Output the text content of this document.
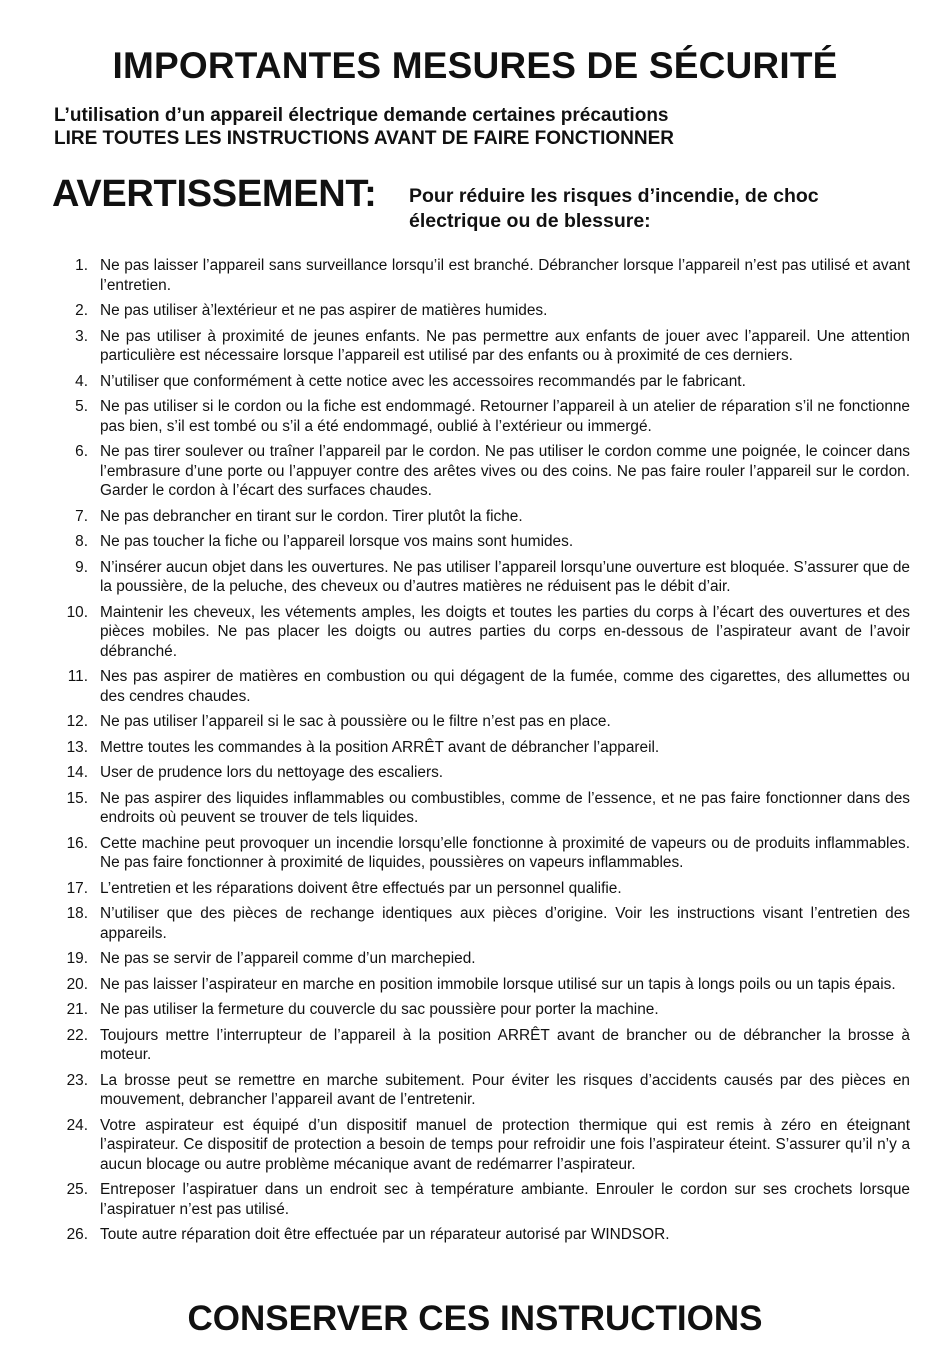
IMPORTANTES MESURES DE SÉCURITÉ

L’utilisation d’un appareil électrique demande certaines précautions

LIRE TOUTES LES INSTRUCTIONS AVANT DE FAIRE FONCTIONNER

AVERTISSEMENT: Pour réduire les risques d’incendie, de choc électrique ou de blessure:
1. Ne pas laisser l’appareil sans surveillance lorsqu’il est branché. Débrancher lorsque l’appareil n’est pas utilisé et avant l’entretien.
2. Ne pas utiliser à’lextérieur et ne pas aspirer de matières humides.
3. Ne pas utiliser à proximité de jeunes enfants. Ne pas permettre aux enfants de jouer avec l’appareil. Une attention particulière est nécessaire lorsque l’appareil est utilisé par des enfants ou à proximité de ces derniers.
4. N’utiliser que conformément à cette notice avec les accessoires recommandés par le fabricant.
5. Ne pas utiliser si le cordon ou la fiche est endommagé. Retourner l’appareil à un atelier de réparation s’il ne fonctionne pas bien, s’il est tombé ou s’il a été endommagé, oublié à l’extérieur ou immergé.
6. Ne pas tirer soulever ou traîner l’appareil par le cordon. Ne pas utiliser le cordon comme une poignée, le coincer dans l’embrasure d’une porte ou l’appuyer contre des arêtes vives ou des coins. Ne pas faire rouler l’appareil sur le cordon. Garder le cordon à l’écart des surfaces chaudes.
7. Ne pas debrancher en tirant sur le cordon. Tirer plutôt la fiche.
8. Ne pas toucher la fiche ou l’appareil lorsque vos mains sont humides.
9. N’insérer aucun objet dans les ouvertures. Ne pas utiliser l’appareil lorsqu’une ouverture est bloquée. S’assurer que de la poussière, de la peluche, des cheveux ou d’autres matières ne réduisent pas le débit d’air.
10. Maintenir les cheveux, les vétements amples, les doigts et toutes les parties du corps à l’écart des ouvertures et des pièces mobiles. Ne pas placer les doigts ou autres parties du corps en-dessous de l’aspirateur avant de l’avoir débranché.
11. Nes pas aspirer de matières en combustion ou qui dégagent de la fumée, comme des cigarettes, des allumettes ou des cendres chaudes.
12. Ne pas utiliser l’appareil si le sac à poussière ou le filtre n’est pas en place.
13. Mettre toutes les commandes à la position ARRÊT avant de débrancher l’appareil.
14. User de prudence lors du nettoyage des escaliers.
15. Ne pas aspirer des liquides inflammables ou combustibles, comme de l’essence, et ne pas faire fonctionner dans des endroits où peuvent se trouver de tels liquides.
16. Cette machine peut provoquer un incendie lorsqu’elle fonctionne à proximité de vapeurs ou de produits inflammables. Ne pas faire fonctionner à proximité de liquides, poussières on vapeurs inflammables.
17. L’entretien et les réparations doivent être effectués par un personnel qualifie.
18. N’utiliser que des pièces de rechange identiques aux pièces d’origine. Voir les instructions visant l’entretien des appareils.
19. Ne pas se servir de l’appareil comme d’un marchepied.
20. Ne pas laisser l’aspirateur en marche en position immobile lorsque utilisé sur un tapis à longs poils ou un tapis épais.
21. Ne pas utiliser la fermeture du couvercle du sac poussière pour porter la machine.
22. Toujours mettre l’interrupteur de l’appareil à la position ARRÊT avant de brancher ou de débrancher la brosse à moteur.
23. La brosse peut se remettre en marche subitement. Pour éviter les risques d’accidents causés par des pièces en mouvement, debrancher l’appareil avant de l’entretenir.
24. Votre aspirateur est équipé d’un dispositif manuel de protection thermique qui est remis à zéro en éteignant l’aspirateur. Ce dispositif de protection a besoin de temps pour refroidir une fois l’aspirateur éteint. S’assurer qu’il n’y a aucun blocage ou autre problème mécanique avant de redémarrer l’aspirateur.
25. Entreposer l’aspiratuer dans un endroit sec à température ambiante. Enrouler le cordon sur ses crochets lorsque l’aspiratuer n’est pas utilisé.
26. Toute autre réparation doit être effectuée par un réparateur autorisé par WINDSOR.
CONSERVER CES INSTRUCTIONS
